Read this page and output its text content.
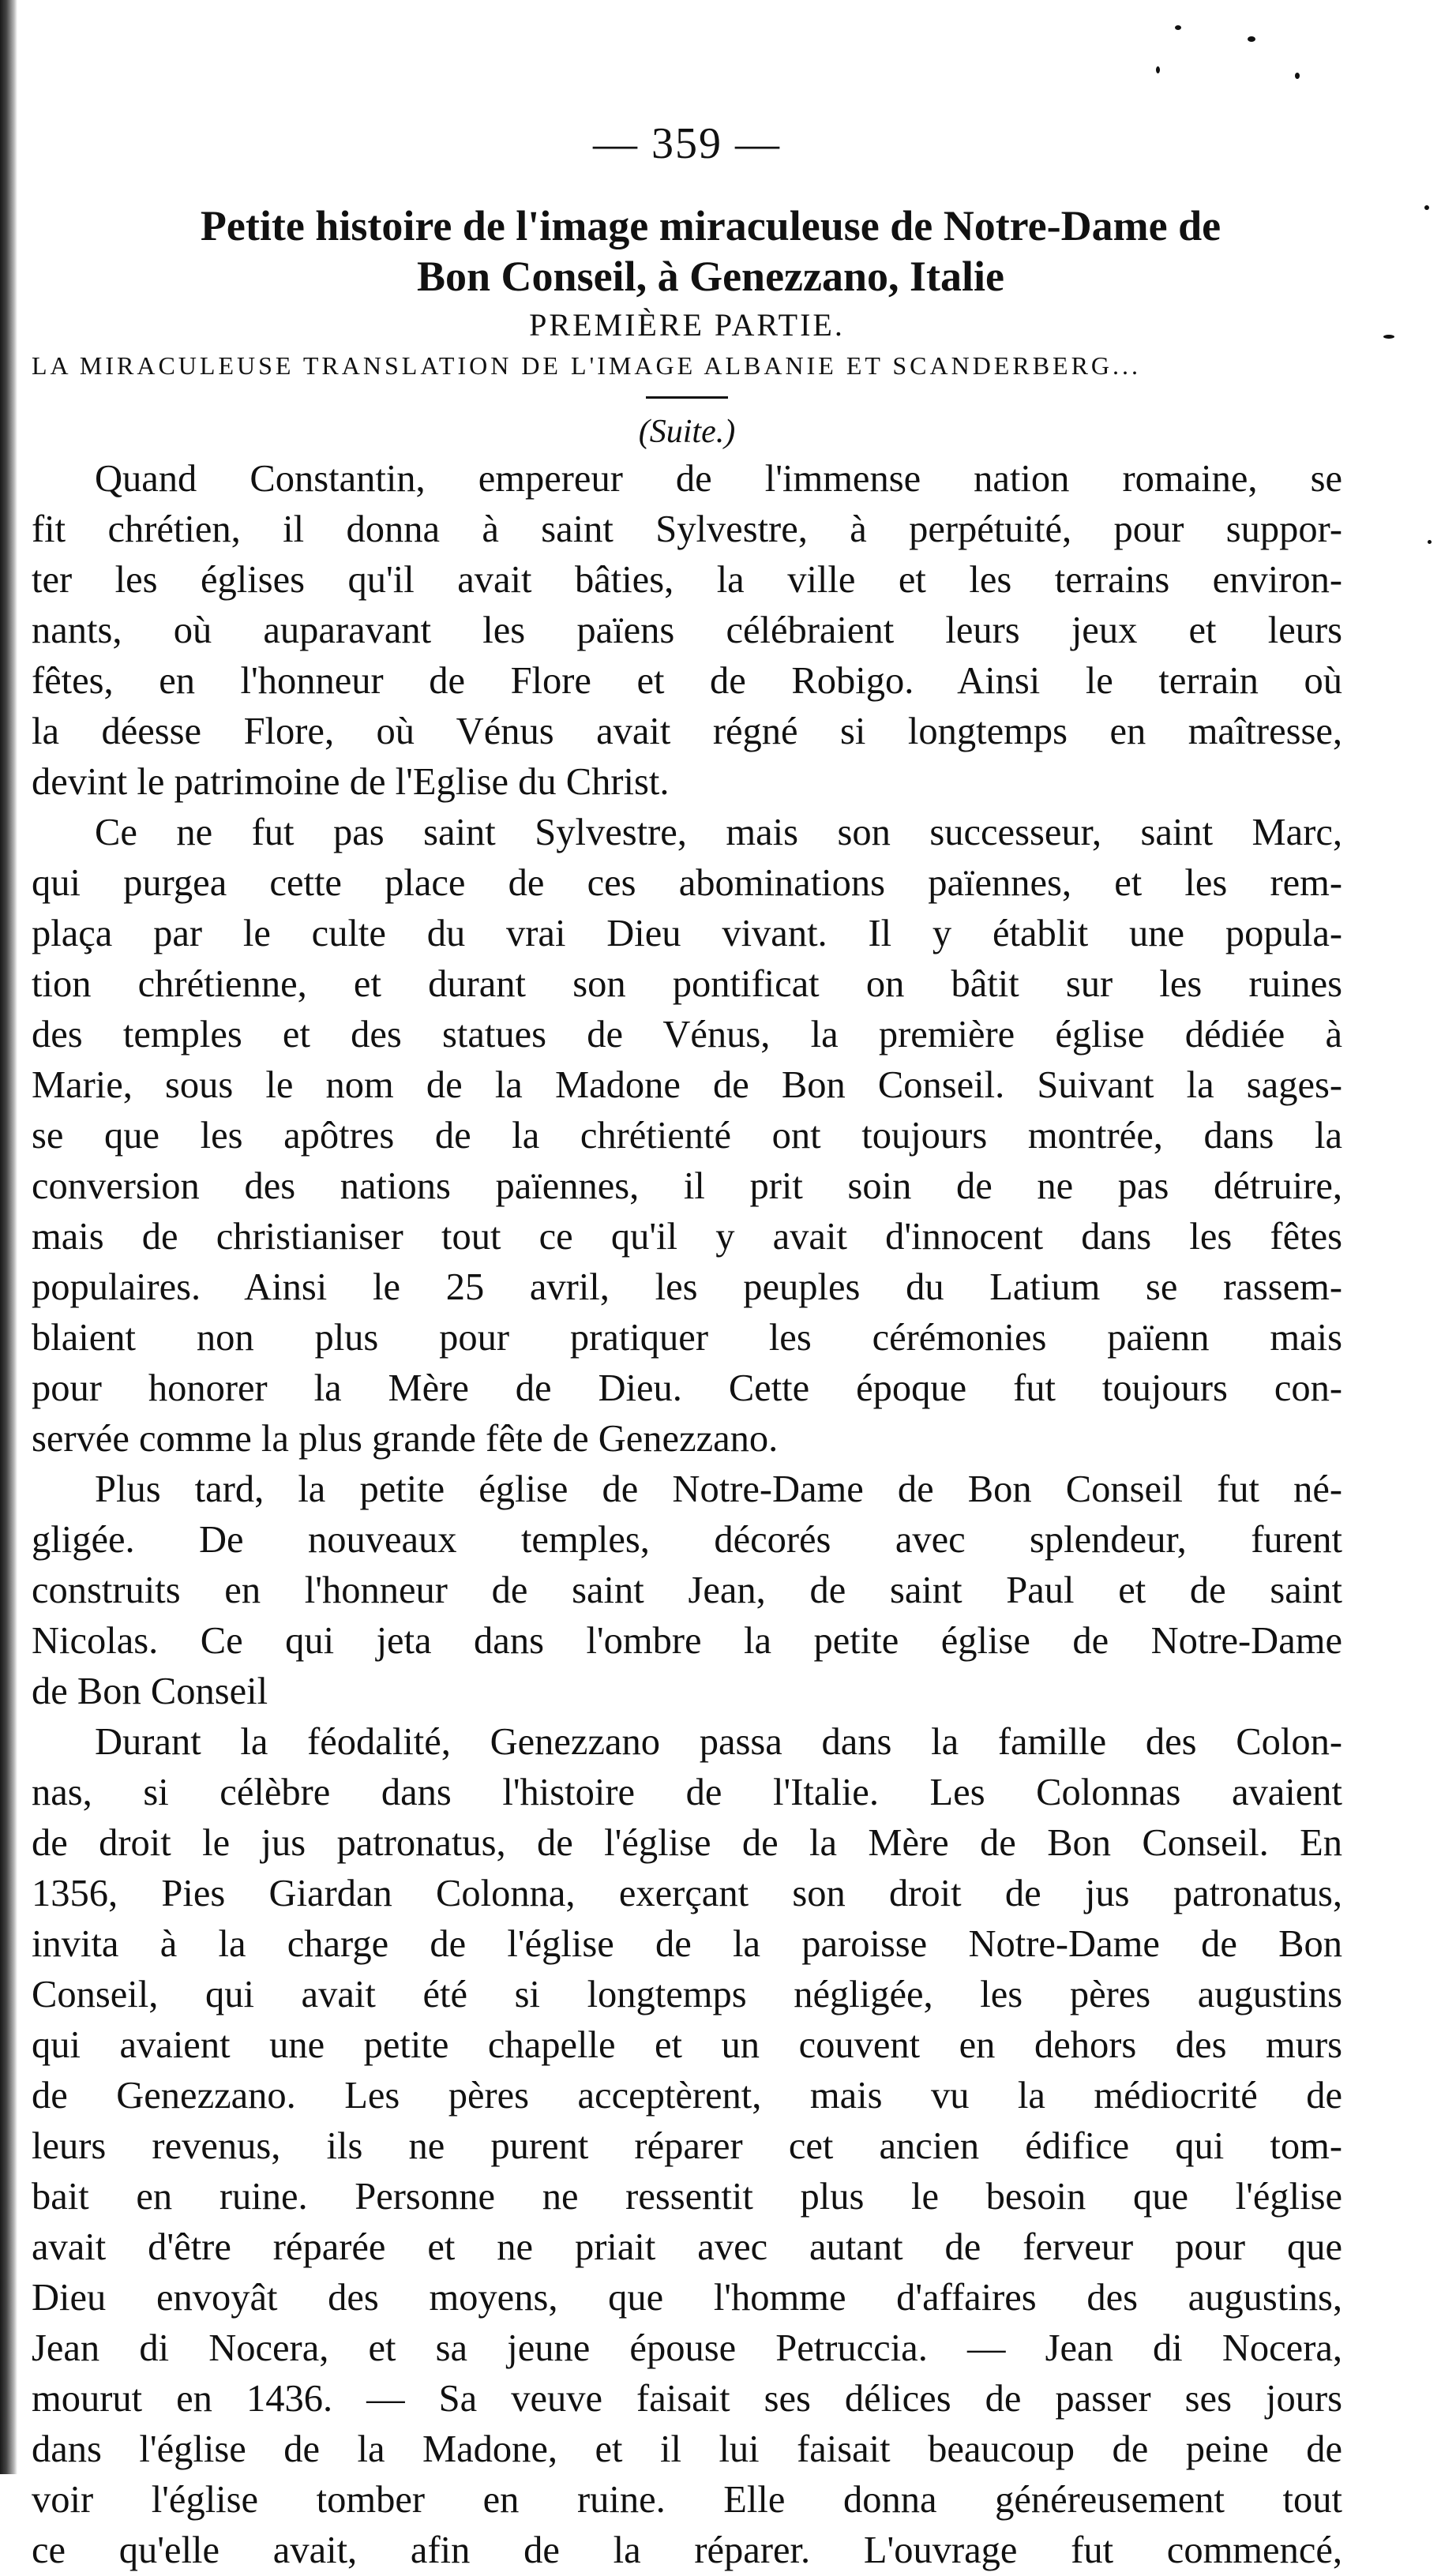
— 359 —
Petite histoire de l'image miraculeuse de Notre-Dame de
Bon Conseil, à Genezzano, Italie
PREMIÈRE PARTIE.
LA MIRACULEUSE TRANSLATION DE L'IMAGE ALBANIE ET SCANDERBERG...
(Suite.)
Quand Constantin, empereur de l'immense nation romaine, se
fit chrétien, il donna à saint Sylvestre, à perpétuité, pour suppor-
ter les églises qu'il avait bâties, la ville et les terrains environ-
nants, où auparavant les païens célébraient leurs jeux et leurs
fêtes, en l'honneur de Flore et de Robigo. Ainsi le terrain où
la déesse Flore, où Vénus avait régné si longtemps en maîtresse,
devint le patrimoine de l'Eglise du Christ.
Ce ne fut pas saint Sylvestre, mais son successeur, saint Marc,
qui purgea cette place de ces abominations païennes, et les rem-
plaça par le culte du vrai Dieu vivant. Il y établit une popula-
tion chrétienne, et durant son pontificat on bâtit sur les ruines
des temples et des statues de Vénus, la première église dédiée à
Marie, sous le nom de la Madone de Bon Conseil. Suivant la sages-
se que les apôtres de la chrétienté ont toujours montrée, dans la
conversion des nations païennes, il prit soin de ne pas détruire,
mais de christianiser tout ce qu'il y avait d'innocent dans les fêtes
populaires. Ainsi le 25 avril, les peuples du Latium se rassem-
blaient non plus pour pratiquer les cérémonies païenn mais
pour honorer la Mère de Dieu. Cette époque fut toujours con-
servée comme la plus grande fête de Genezzano.
Plus tard, la petite église de Notre-Dame de Bon Conseil fut né-
gligée. De nouveaux temples, décorés avec splendeur, furent
construits en l'honneur de saint Jean, de saint Paul et de saint
Nicolas. Ce qui jeta dans l'ombre la petite église de Notre-Dame
de Bon Conseil
Durant la féodalité, Genezzano passa dans la famille des Colon-
nas, si célèbre dans l'histoire de l'Italie. Les Colonnas avaient
de droit le jus patronatus, de l'église de la Mère de Bon Conseil. En
1356, Pies Giardan Colonna, exerçant son droit de jus patronatus,
invita à la charge de l'église de la paroisse Notre-Dame de Bon
Conseil, qui avait été si longtemps négligée, les pères augustins
qui avaient une petite chapelle et un couvent en dehors des murs
de Genezzano. Les pères acceptèrent, mais vu la médiocrité de
leurs revenus, ils ne purent réparer cet ancien édifice qui tom-
bait en ruine. Personne ne ressentit plus le besoin que l'église
avait d'être réparée et ne priait avec autant de ferveur pour que
Dieu envoyât des moyens, que l'homme d'affaires des augustins,
Jean di Nocera, et sa jeune épouse Petruccia. — Jean di Nocera,
mourut en 1436. — Sa veuve faisait ses délices de passer ses jours
dans l'église de la Madone, et il lui faisait beaucoup de peine de
voir l'église tomber en ruine. Elle donna généreusement tout
ce qu'elle avait, afin de la réparer. L'ouvrage fut commencé,
